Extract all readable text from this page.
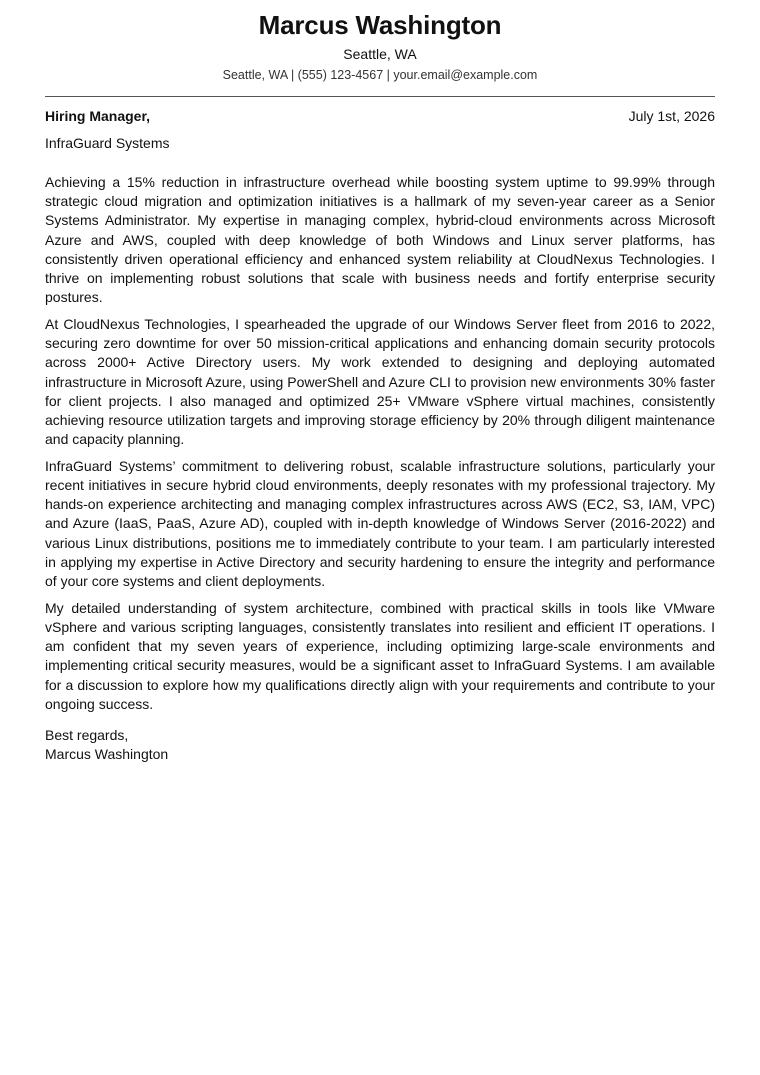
Marcus Washington
Seattle, WA
Seattle, WA | (555) 123-4567 | your.email@example.com
Hiring Manager,	July 1st, 2026
InfraGuard Systems

Achieving a 15% reduction in infrastructure overhead while boosting system uptime to 99.99% through strategic cloud migration and optimization initiatives is a hallmark of my seven-year career as a Senior Systems Administrator. My expertise in managing complex, hybrid-cloud environments across Microsoft Azure and AWS, coupled with deep knowledge of both Windows and Linux server platforms, has consistently driven operational efficiency and enhanced system reliability at CloudNexus Technologies. I thrive on implementing robust solutions that scale with business needs and fortify enterprise security postures.

At CloudNexus Technologies, I spearheaded the upgrade of our Windows Server fleet from 2016 to 2022, securing zero downtime for over 50 mission-critical applications and enhancing domain security protocols across 2000+ Active Directory users. My work extended to designing and deploying automated infrastructure in Microsoft Azure, using PowerShell and Azure CLI to provision new environments 30% faster for client projects. I also managed and optimized 25+ VMware vSphere virtual machines, consistently achieving resource utilization targets and improving storage efficiency by 20% through diligent maintenance and capacity planning.

InfraGuard Systems’ commitment to delivering robust, scalable infrastructure solutions, particularly your recent initiatives in secure hybrid cloud environments, deeply resonates with my professional trajectory. My hands-on experience architecting and managing complex infrastructures across AWS (EC2, S3, IAM, VPC) and Azure (IaaS, PaaS, Azure AD), coupled with in-depth knowledge of Windows Server (2016-2022) and various Linux distributions, positions me to immediately contribute to your team. I am particularly interested in applying my expertise in Active Directory and security hardening to ensure the integrity and performance of your core systems and client deployments.

My detailed understanding of system architecture, combined with practical skills in tools like VMware vSphere and various scripting languages, consistently translates into resilient and efficient IT operations. I am confident that my seven years of experience, including optimizing large-scale environments and implementing critical security measures, would be a significant asset to InfraGuard Systems. I am available for a discussion to explore how my qualifications directly align with your requirements and contribute to your ongoing success.

Best regards,
Marcus Washington
